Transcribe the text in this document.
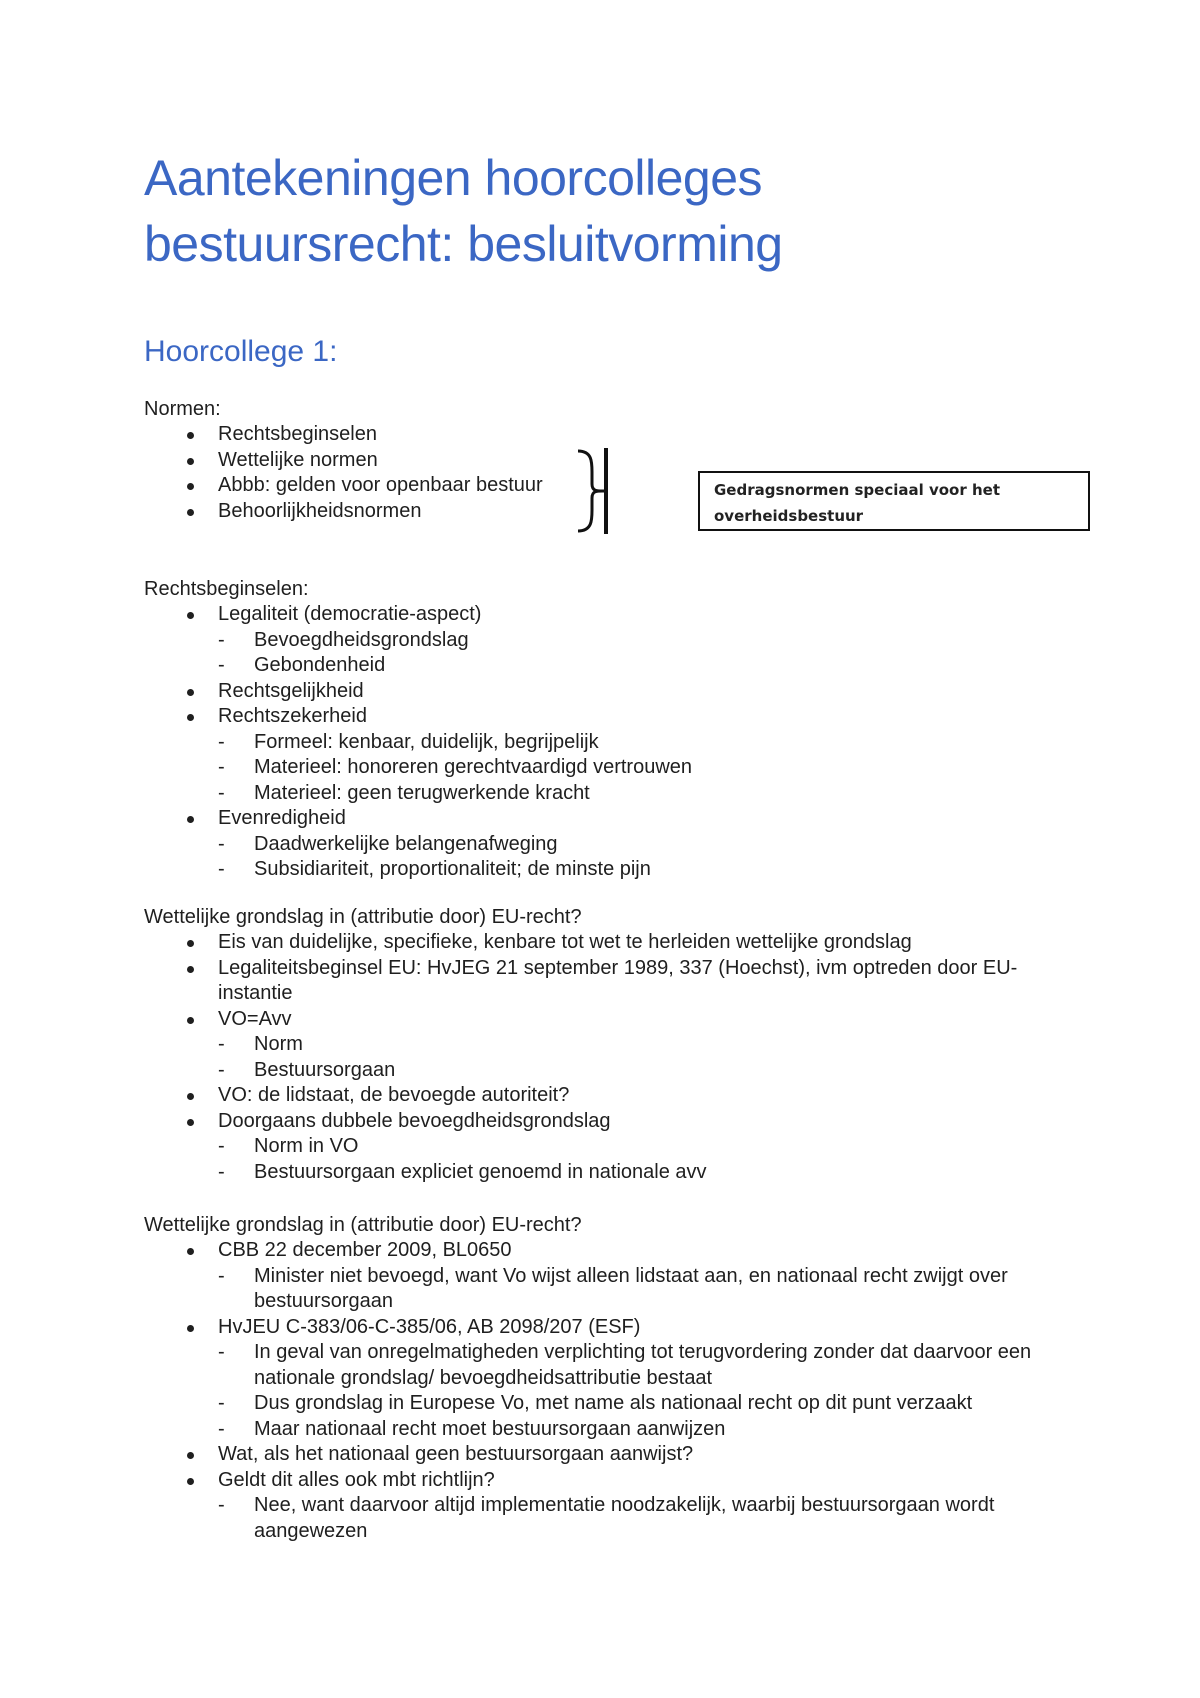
Aantekeningen hoorcolleges bestuursrecht: besluitvorming
Hoorcollege 1:

Normen:

Rechtsbeginselen
Wettelijke normen
Abbb: gelden voor openbaar bestuur
Behoorlijkheidsnormen
Gedragsnormen speciaal voor het overheidsbestuur

Rechtsbeginselen:

Legaliteit (democratie-aspect)
- Bevoegdheidsgrondslag
- Gebondenheid
Rechtsgelijkheid
Rechtszekerheid
- Formeel: kenbaar, duidelijk, begrijpelijk
- Materieel: honoreren gerechtvaardigd vertrouwen
- Materieel: geen terugwerkende kracht
Evenredigheid
- Daadwerkelijke belangenafweging
- Subsidiariteit, proportionaliteit; de minste pijn

Wettelijke grondslag in (attributie door) EU-recht?

Eis van duidelijke, specifieke, kenbare tot wet te herleiden wettelijke grondslag
Legaliteitsbeginsel EU: HvJEG 21 september 1989, 337 (Hoechst), ivm optreden door EU-instantie
VO=Avv
- Norm
- Bestuursorgaan
VO: de lidstaat, de bevoegde autoriteit?
Doorgaans dubbele bevoegdheidsgrondslag
- Norm in VO
- Bestuursorgaan expliciet genoemd in nationale avv

Wettelijke grondslag in (attributie door) EU-recht?

CBB 22 december 2009, BL0650
- Minister niet bevoegd, want Vo wijst alleen lidstaat aan, en nationaal recht zwijgt over bestuursorgaan
HvJEU C-383/06-C-385/06, AB 2098/207 (ESF)
- In geval van onregelmatigheden verplichting tot terugvordering zonder dat daarvoor een nationale grondslag/ bevoegdheidsattributie bestaat
- Dus grondslag in Europese Vo, met name als nationaal recht op dit punt verzaakt
- Maar nationaal recht moet bestuursorgaan aanwijzen
Wat, als het nationaal geen bestuursorgaan aanwijst?
Geldt dit alles ook mbt richtlijn?
- Nee, want daarvoor altijd implementatie noodzakelijk, waarbij bestuursorgaan wordt aangewezen
